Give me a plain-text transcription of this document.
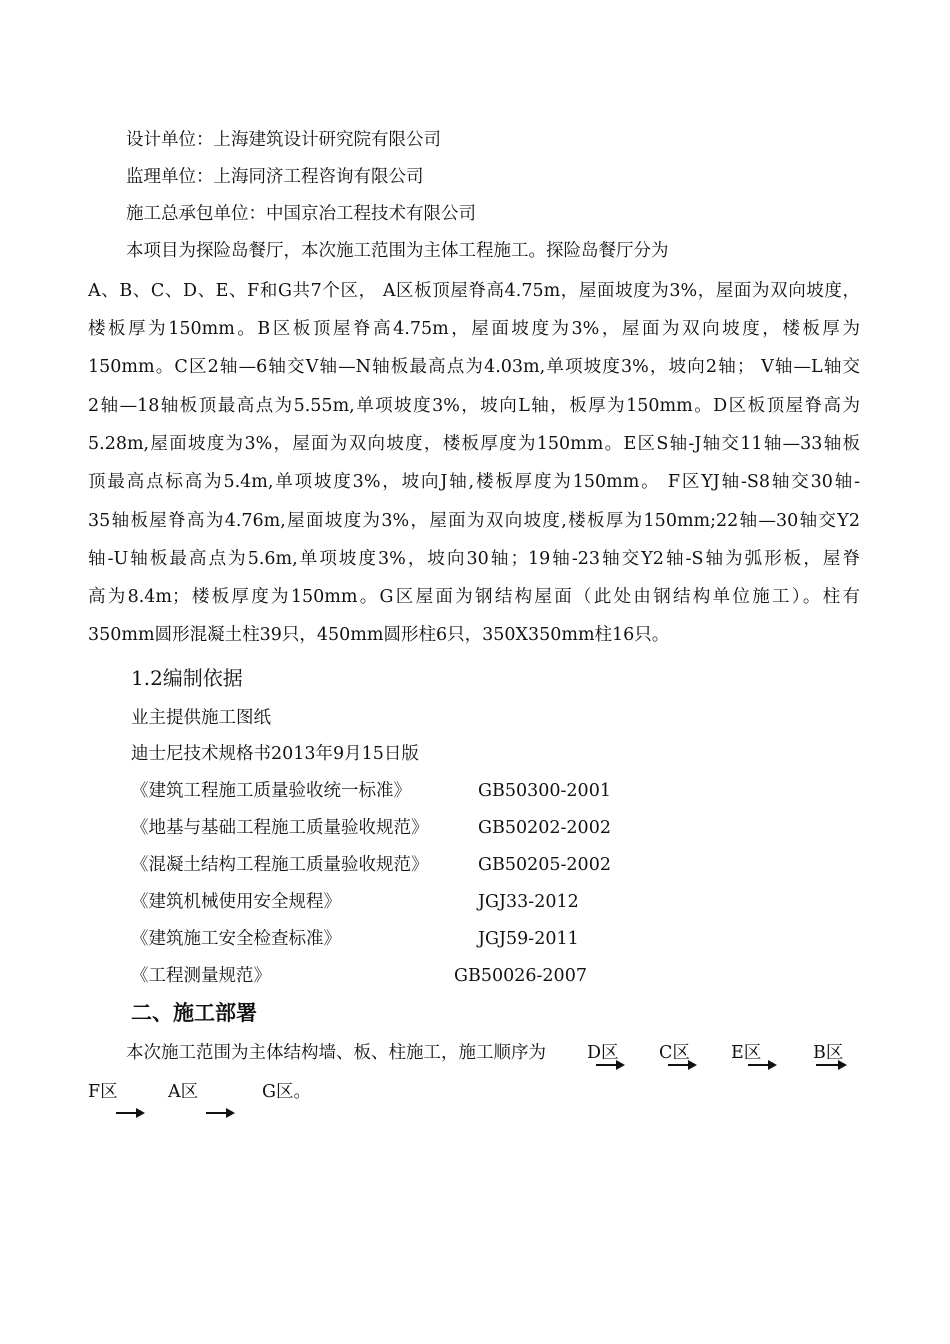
设计单位：上海建筑设计研究院有限公司
监理单位：上海同济工程咨询有限公司
施工总承包单位：中国京冶工程技术有限公司
本项目为探险岛餐厅，本次施工范围为主体工程施工。探险岛餐厅分为
A、B、C、D、E、F和G共7个区， A区板顶屋脊高4.75m，屋面坡度为3%，屋面为双向坡度，
楼板厚为150mm。B区板顶屋脊高4.75m，屋面坡度为3%，屋面为双向坡度，楼板厚为
150mm。C区2轴—6轴交V轴—N轴板最高点为4.03m,单项坡度3%，坡向2轴； V轴—L轴交
2轴—18轴板顶最高点为5.55m,单项坡度3%，坡向L轴，板厚为150mm。D区板顶屋脊高为
5.28m,屋面坡度为3%，屋面为双向坡度，楼板厚度为150mm。E区S轴-J轴交11轴—33轴板
顶最高点标高为5.4m,单项坡度3%，坡向J轴,楼板厚度为150mm。 F区YJ轴-S8轴交30轴-
35轴板屋脊高为4.76m,屋面坡度为3%，屋面为双向坡度,楼板厚为150mm;22轴—30轴交Y2
轴-U轴板最高点为5.6m,单项坡度3%，坡向30轴；19轴-23轴交Y2轴-S轴为弧形板，屋脊
高为8.4m；楼板厚度为150mm。G区屋面为钢结构屋面（此处由钢结构单位施工）。柱有
350mm圆形混凝土柱39只，450mm圆形柱6只，350X350mm柱16只。
1.2编制依据
业主提供施工图纸
迪士尼技术规格书2013年9月15日版
《建筑工程施工质量验收统一标准》	GB50300-2001
《地基与基础工程施工质量验收规范》	GB50202-2002
《混凝土结构工程施工质量验收规范》	GB50205-2002
《建筑机械使用安全规程》	JGJ33-2012
《建筑施工安全检查标准》	JGJ59-2011
《工程测量规范》	GB50026-2007
二、施工部署
本次施工范围为主体结构墙、板、柱施工，施工顺序为 D区 C区 E区	B区
F区	A区	G区。
